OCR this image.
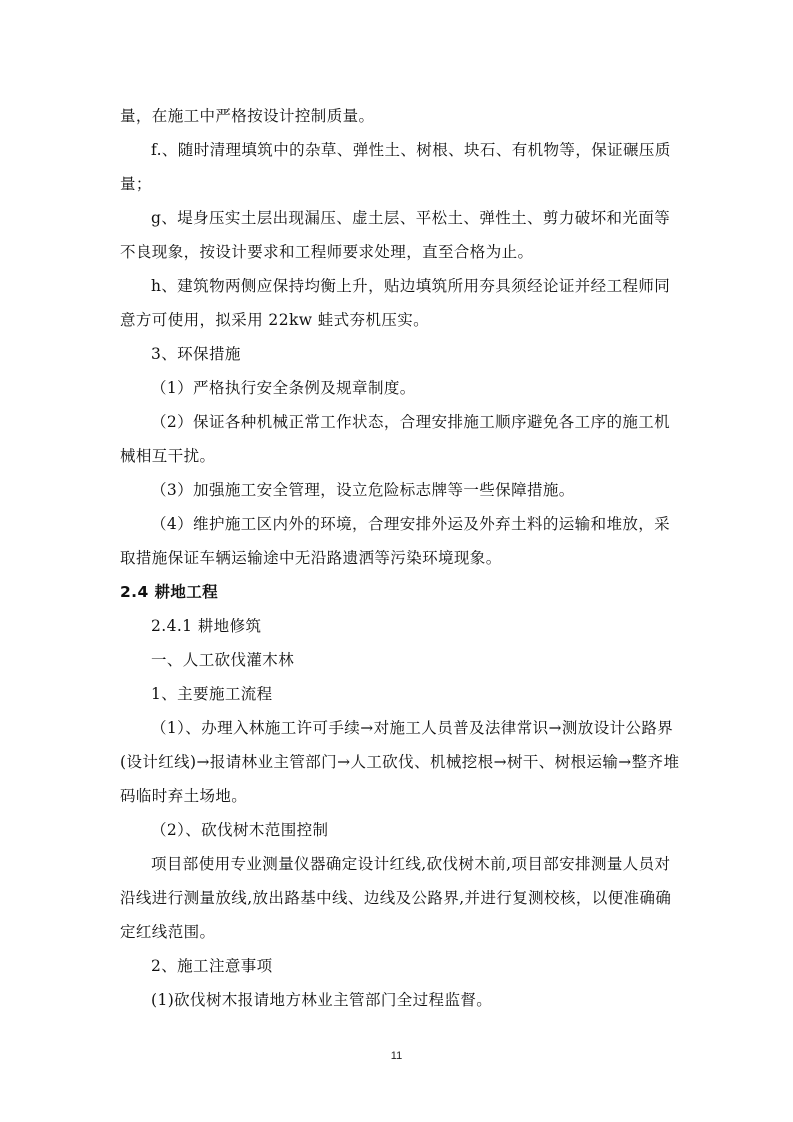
量，在施工中严格按设计控制质量。

f.、随时清理填筑中的杂草、弹性土、树根、块石、有机物等，保证碾压质量；

g、堤身压实土层出现漏压、虚土层、平松土、弹性土、剪力破坏和光面等不良现象，按设计要求和工程师要求处理，直至合格为止。

h、建筑物两侧应保持均衡上升，贴边填筑所用夯具须经论证并经工程师同意方可使用，拟采用 22kw 蛙式夯机压实。

3、环保措施

（1）严格执行安全条例及规章制度。

（2）保证各种机械正常工作状态，合理安排施工顺序避免各工序的施工机械相互干扰。

（3）加强施工安全管理，设立危险标志牌等一些保障措施。

（4）维护施工区内外的环境，合理安排外运及外弃土料的运输和堆放，采取措施保证车辆运输途中无沿路遗洒等污染环境现象。

2.4 耕地工程

2.4.1 耕地修筑

一、人工砍伐灌木林

1、主要施工流程

（1）、办理入林施工许可手续→对施工人员普及法律常识→测放设计公路界(设计红线)→报请林业主管部门→人工砍伐、机械挖根→树干、树根运输→整齐堆码临时弃土场地。

（2）、砍伐树木范围控制

项目部使用专业测量仪器确定设计红线,砍伐树木前,项目部安排测量人员对沿线进行测量放线,放出路基中线、边线及公路界,并进行复测校核，以便准确确定红线范围。

2、施工注意事项

(1)砍伐树木报请地方林业主管部门全过程监督。

11
